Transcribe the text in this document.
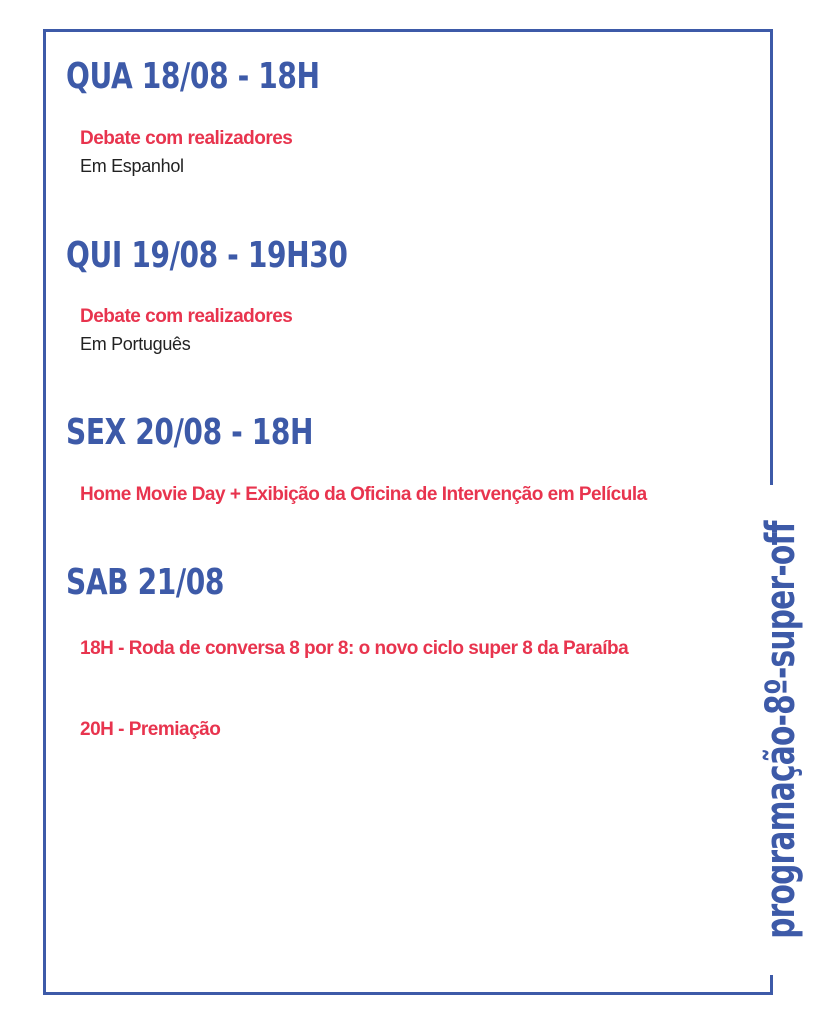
QUA 18/08 - 18H

Debate com realizadores

Em Espanhol

QUI 19/08 - 19H30

Debate com realizadores

Em Português

SEX 20/08 - 18H

Home Movie Day + Exibição da Oficina de Intervenção em Película

SAB 21/08

18H - Roda de conversa 8 por 8: o novo ciclo super 8 da Paraíba

20H - Premiação	programação-8º-super-off
